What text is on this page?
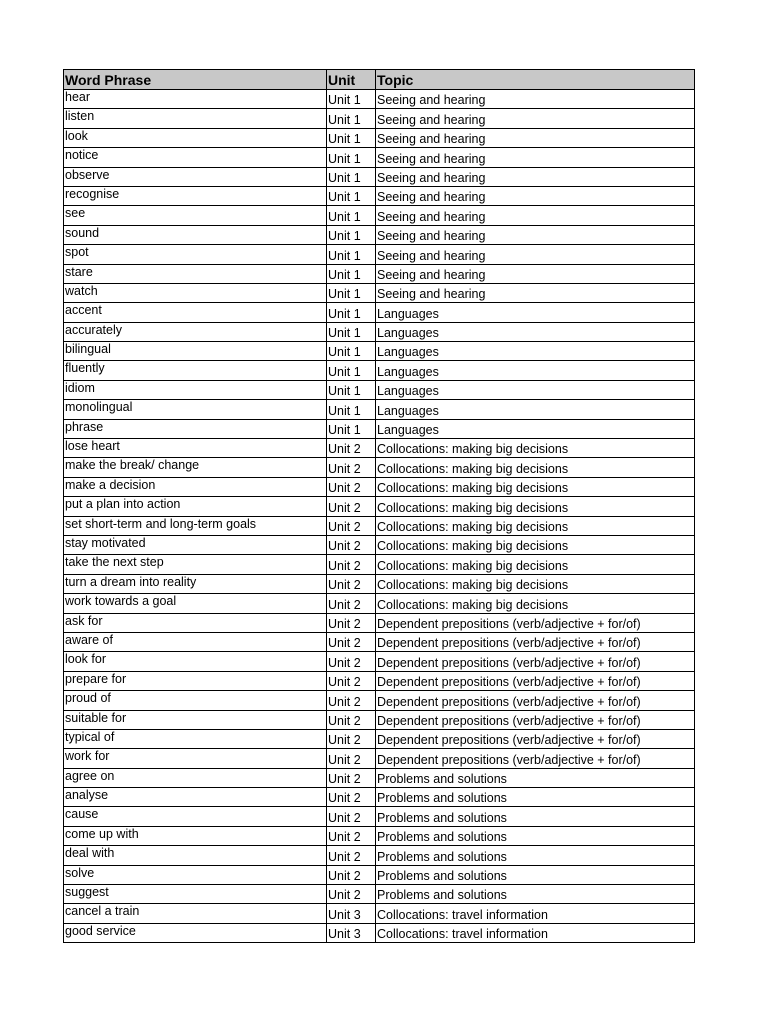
Word Phrase	Unit	Topic
hear	Unit 1	Seeing and hearing
listen	Unit 1	Seeing and hearing
look	Unit 1	Seeing and hearing
notice	Unit 1	Seeing and hearing
observe	Unit 1	Seeing and hearing
recognise	Unit 1	Seeing and hearing
see	Unit 1	Seeing and hearing
sound	Unit 1	Seeing and hearing
spot	Unit 1	Seeing and hearing
stare	Unit 1	Seeing and hearing
watch	Unit 1	Seeing and hearing
accent	Unit 1	Languages
accurately	Unit 1	Languages
bilingual	Unit 1	Languages
fluently	Unit 1	Languages
idiom	Unit 1	Languages
monolingual	Unit 1	Languages
phrase	Unit 1	Languages
lose heart	Unit 2	Collocations: making big decisions
make the break/ change	Unit 2	Collocations: making big decisions
make a decision	Unit 2	Collocations: making big decisions
put a plan into action	Unit 2	Collocations: making big decisions
set short-term and long-term goals	Unit 2	Collocations: making big decisions
stay motivated	Unit 2	Collocations: making big decisions
take the next step	Unit 2	Collocations: making big decisions
turn a dream into reality	Unit 2	Collocations: making big decisions
work towards a goal	Unit 2	Collocations: making big decisions
ask for	Unit 2	Dependent prepositions (verb/adjective + for/of)
aware of	Unit 2	Dependent prepositions (verb/adjective + for/of)
look for	Unit 2	Dependent prepositions (verb/adjective + for/of)
prepare for	Unit 2	Dependent prepositions (verb/adjective + for/of)
proud of	Unit 2	Dependent prepositions (verb/adjective + for/of)
suitable for	Unit 2	Dependent prepositions (verb/adjective + for/of)
typical of	Unit 2	Dependent prepositions (verb/adjective + for/of)
work for	Unit 2	Dependent prepositions (verb/adjective + for/of)
agree on	Unit 2	Problems and solutions
analyse	Unit 2	Problems and solutions
cause	Unit 2	Problems and solutions
come up with	Unit 2	Problems and solutions
deal with	Unit 2	Problems and solutions
solve	Unit 2	Problems and solutions
suggest	Unit 2	Problems and solutions
cancel a train	Unit 3	Collocations: travel information
good service	Unit 3	Collocations: travel information
